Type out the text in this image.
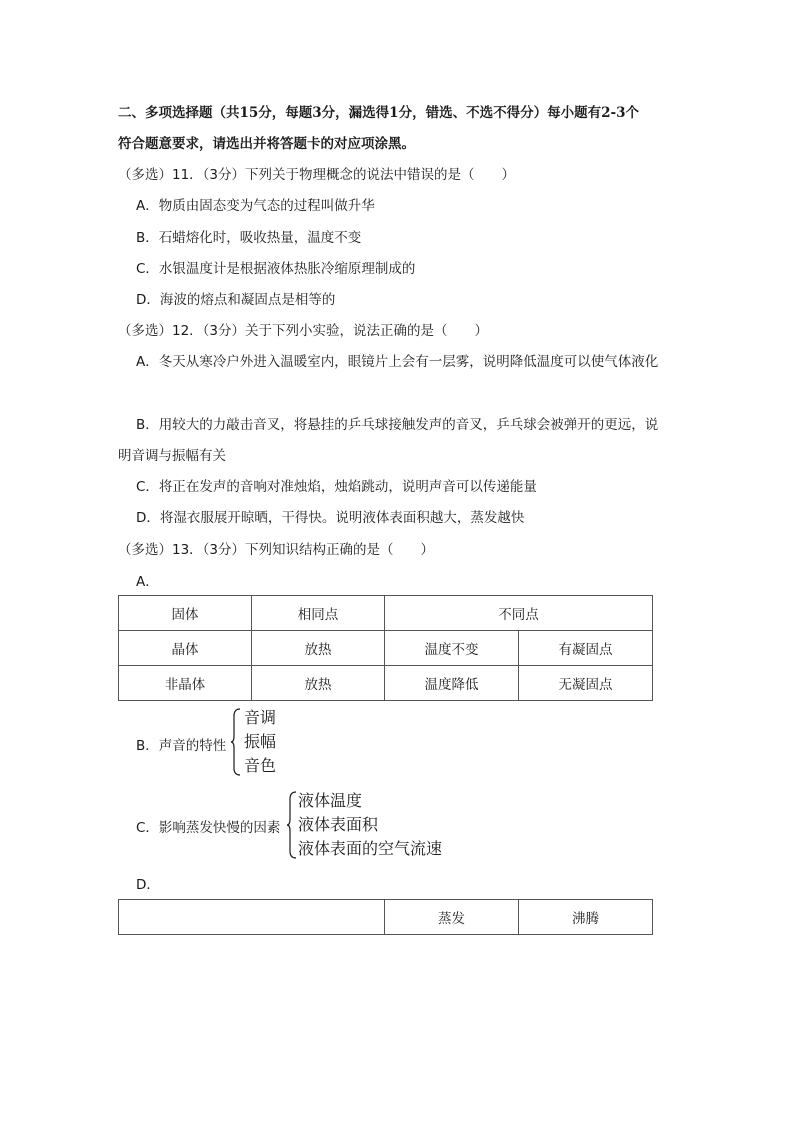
二、多项选择题（共15分，每题3分，漏选得1分，错选、不选不得分）每小题有2-3个
符合题意要求，请选出并将答题卡的对应项涂黑。
（多选）11．（3分）下列关于物理概念的说法中错误的是（　　）
A．物质由固态变为气态的过程叫做升华
B．石蜡熔化时，吸收热量，温度不变
C．水银温度计是根据液体热胀冷缩原理制成的
D．海波的熔点和凝固点是相等的
（多选）12．（3分）关于下列小实验，说法正确的是（　　）
A．冬天从寒冷户外进入温暖室内，眼镜片上会有一层雾，说明降低温度可以使气体液化
B．用较大的力敲击音叉，将悬挂的乒乓球接触发声的音叉，乒乓球会被弹开的更远，说
明音调与振幅有关
C．将正在发声的音响对准烛焰，烛焰跳动，说明声音可以传递能量
D．将湿衣服展开晾晒，干得快。说明液体表面积越大，蒸发越快
（多选）13．（3分）下列知识结构正确的是（　　）
A．
固体	相同点	不同点	
晶体	放热	温度不变	有凝固点
非晶体	放热	温度降低	无凝固点
B．声音的特性
音调
振幅
音色
C．影响蒸发快慢的因素
液体温度
液体表面积
液体表面的空气流速
D．
	蒸发	沸腾
